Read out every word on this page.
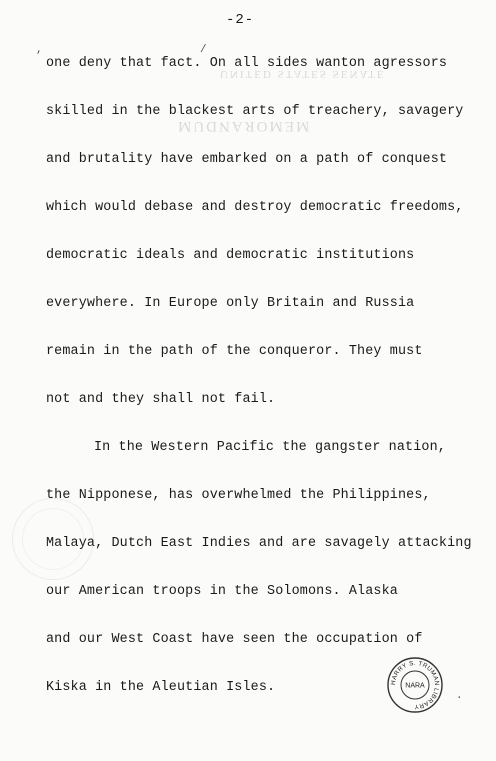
UNITED STATES SENATE
MEMORANDUM
-2-
,	/
one deny that fact. On all sides wanton agressors
skilled in the blackest arts of treachery, savagery
and brutality have embarked on a path of conquest
which would debase and destroy democratic freedoms,
democratic ideals and democratic institutions
everywhere. In Europe only Britain and Russia
remain in the path of the conqueror. They must
not and they shall not fail.
In the Western Pacific the gangster nation,
the Nipponese, has overwhelmed the Philippines,
Malaya, Dutch East Indies and are savagely attacking
our American troops in the Solomons. Alaska
and our West Coast have seen the occupation of
Kiska in the Aleutian Isles.
.
HARRY S. TRUMAN LIBRARY
NARA
